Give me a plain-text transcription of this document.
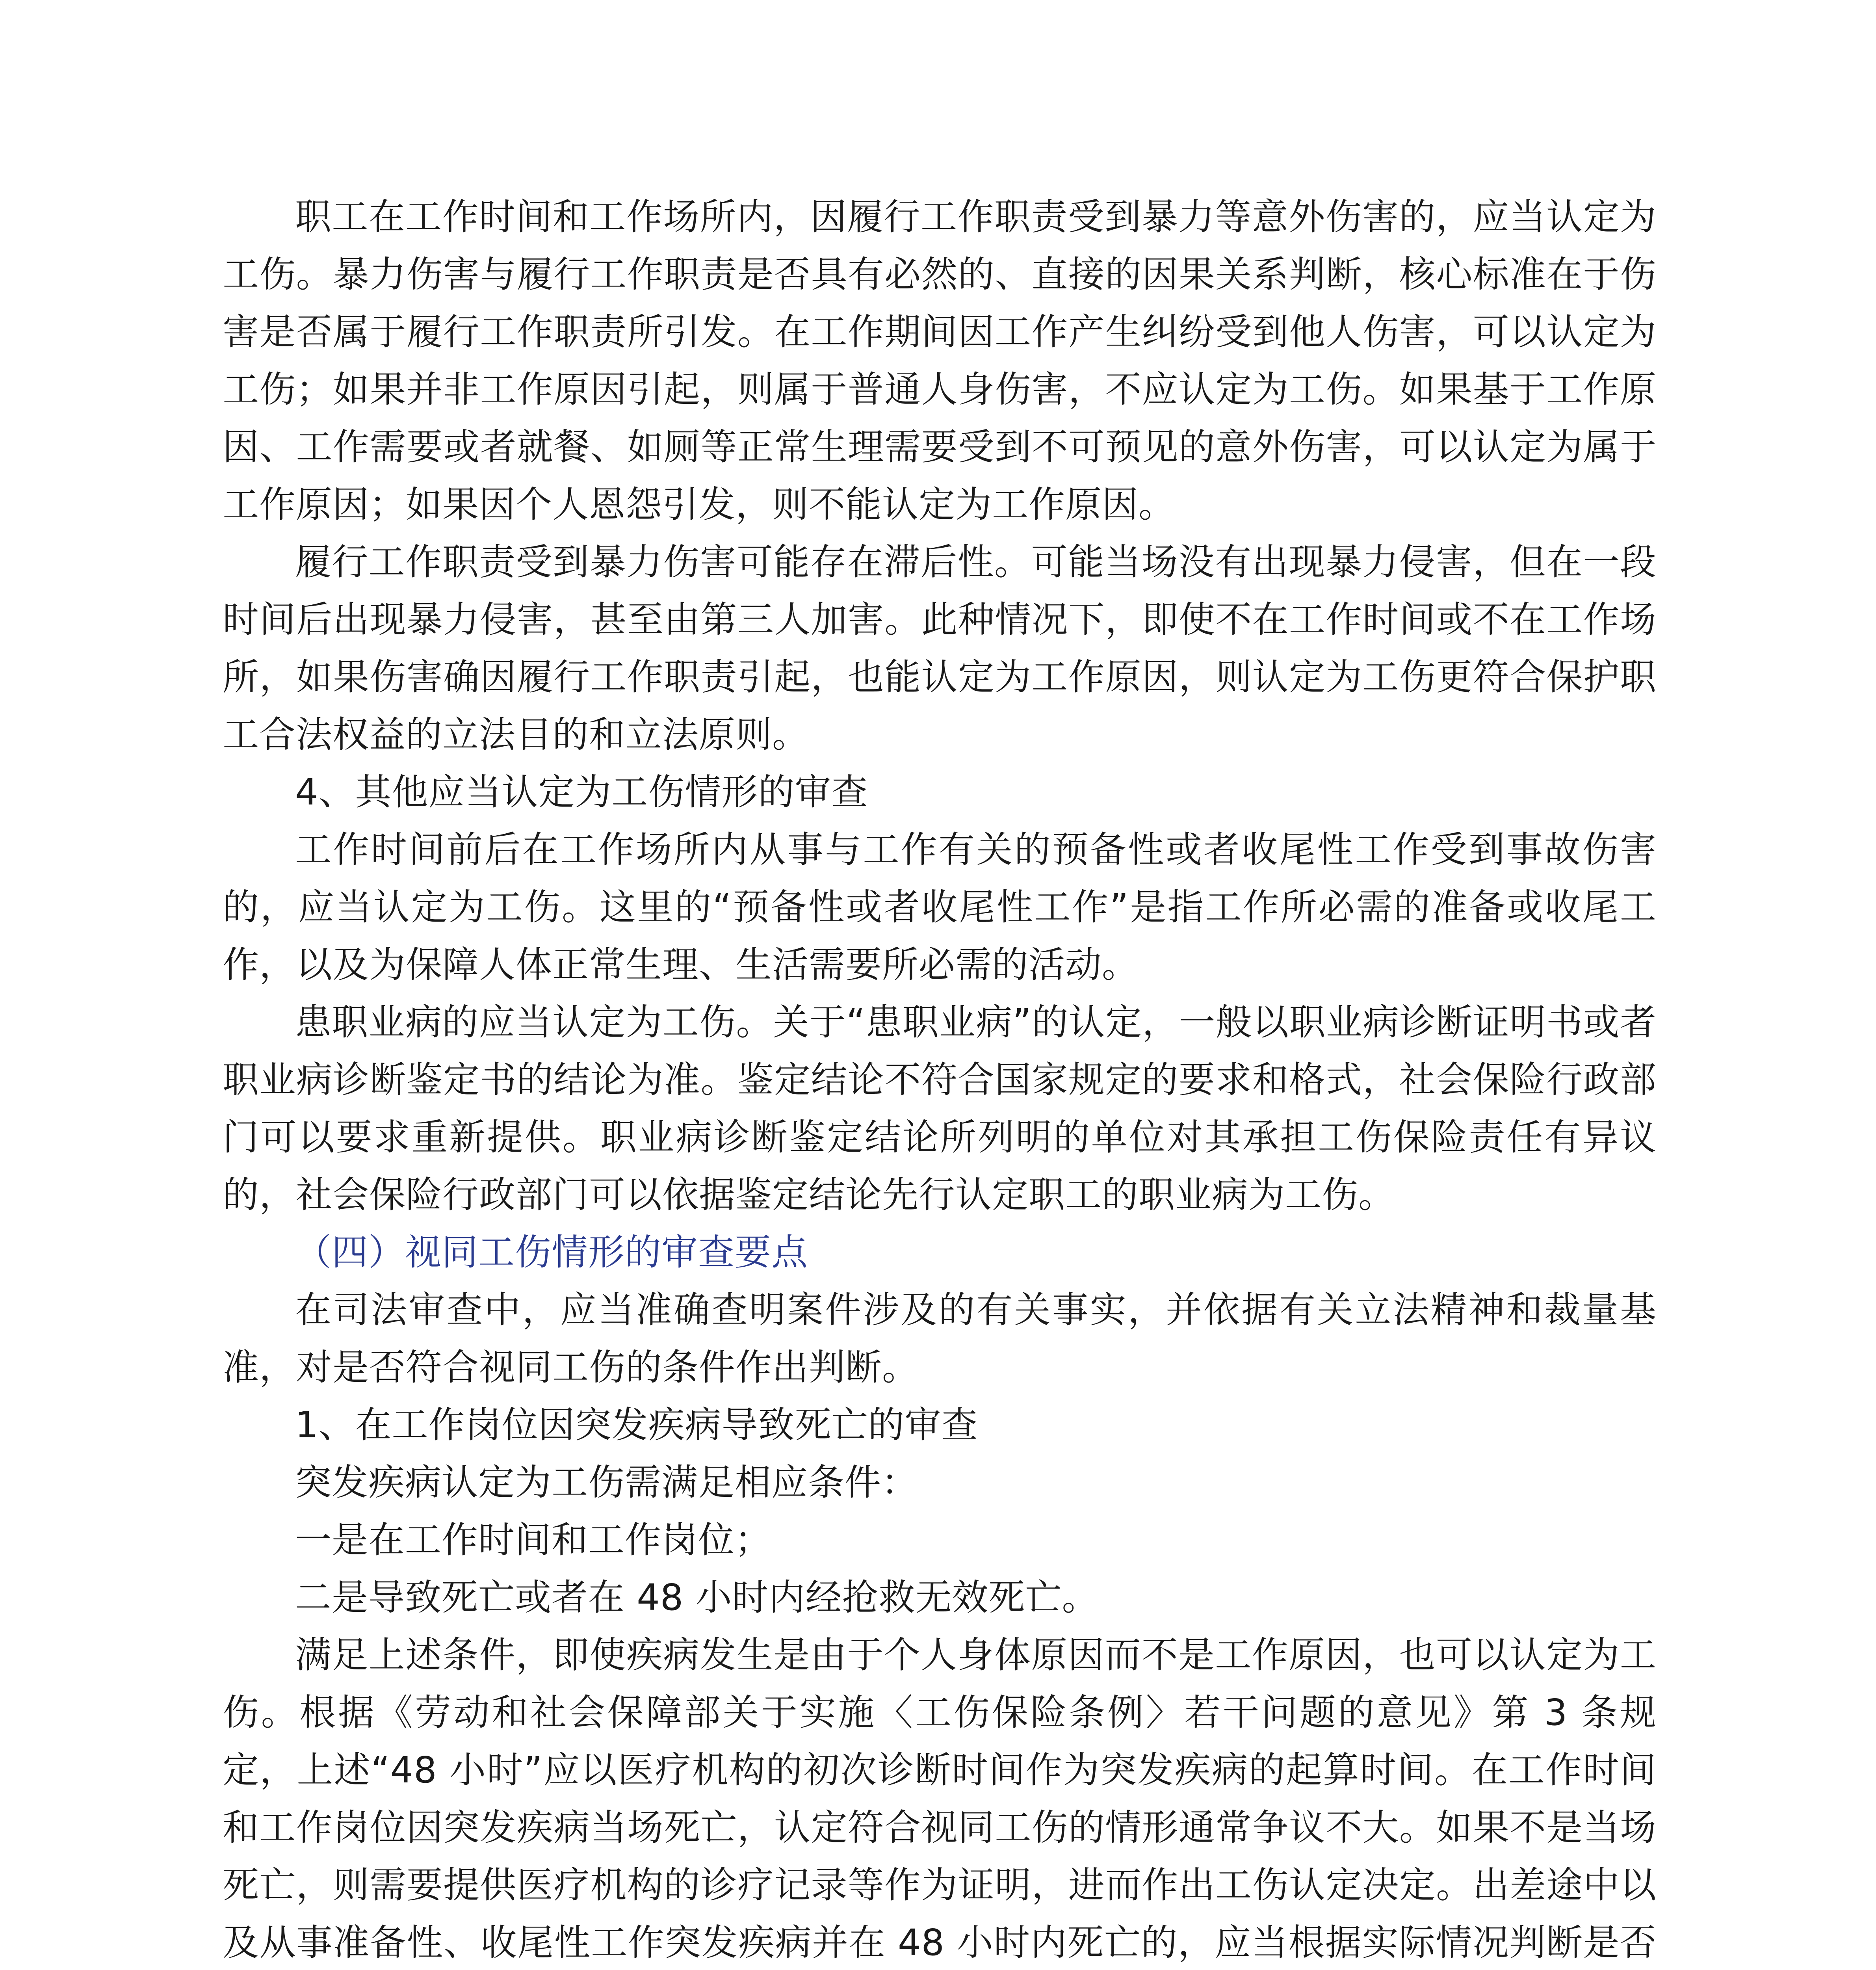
职工在工作时间和工作场所内，因履行工作职责受到暴力等意外伤害的，应当认定为工伤。暴力伤害与履行工作职责是否具有必然的、直接的因果关系判断，核心标准在于伤害是否属于履行工作职责所引发。在工作期间因工作产生纠纷受到他人伤害，可以认定为工伤；如果并非工作原因引起，则属于普通人身伤害，不应认定为工伤。如果基于工作原因、工作需要或者就餐、如厕等正常生理需要受到不可预见的意外伤害，可以认定为属于工作原因；如果因个人恩怨引发，则不能认定为工作原因。

履行工作职责受到暴力伤害可能存在滞后性。可能当场没有出现暴力侵害，但在一段时间后出现暴力侵害，甚至由第三人加害。此种情况下，即使不在工作时间或不在工作场所，如果伤害确因履行工作职责引起，也能认定为工作原因，则认定为工伤更符合保护职工合法权益的立法目的和立法原则。

4、其他应当认定为工伤情形的审查

工作时间前后在工作场所内从事与工作有关的预备性或者收尾性工作受到事故伤害的，应当认定为工伤。这里的“预备性或者收尾性工作”是指工作所必需的准备或收尾工作，以及为保障人体正常生理、生活需要所必需的活动。

患职业病的应当认定为工伤。关于“患职业病”的认定，一般以职业病诊断证明书或者职业病诊断鉴定书的结论为准。鉴定结论不符合国家规定的要求和格式，社会保险行政部门可以要求重新提供。职业病诊断鉴定结论所列明的单位对其承担工伤保险责任有异议的，社会保险行政部门可以依据鉴定结论先行认定职工的职业病为工伤。

（四）视同工伤情形的审查要点

在司法审查中，应当准确查明案件涉及的有关事实，并依据有关立法精神和裁量基准，对是否符合视同工伤的条件作出判断。

1、在工作岗位因突发疾病导致死亡的审查

突发疾病认定为工伤需满足相应条件：

一是在工作时间和工作岗位；

二是导致死亡或者在 48 小时内经抢救无效死亡。

满足上述条件，即使疾病发生是由于个人身体原因而不是工作原因，也可以认定为工伤。根据《劳动和社会保障部关于实施〈工伤保险条例〉若干问题的意见》第 3 条规定，上述“48 小时”应以医疗机构的初次诊断时间作为突发疾病的起算时间。在工作时间和工作岗位因突发疾病当场死亡，认定符合视同工伤的情形通常争议不大。如果不是当场死亡，则需要提供医疗机构的诊疗记录等作为证明，进而作出工伤认定决定。出差途中以及从事准备性、收尾性工作突发疾病并在 48 小时内死亡的，应当根据实际情况判断是否
